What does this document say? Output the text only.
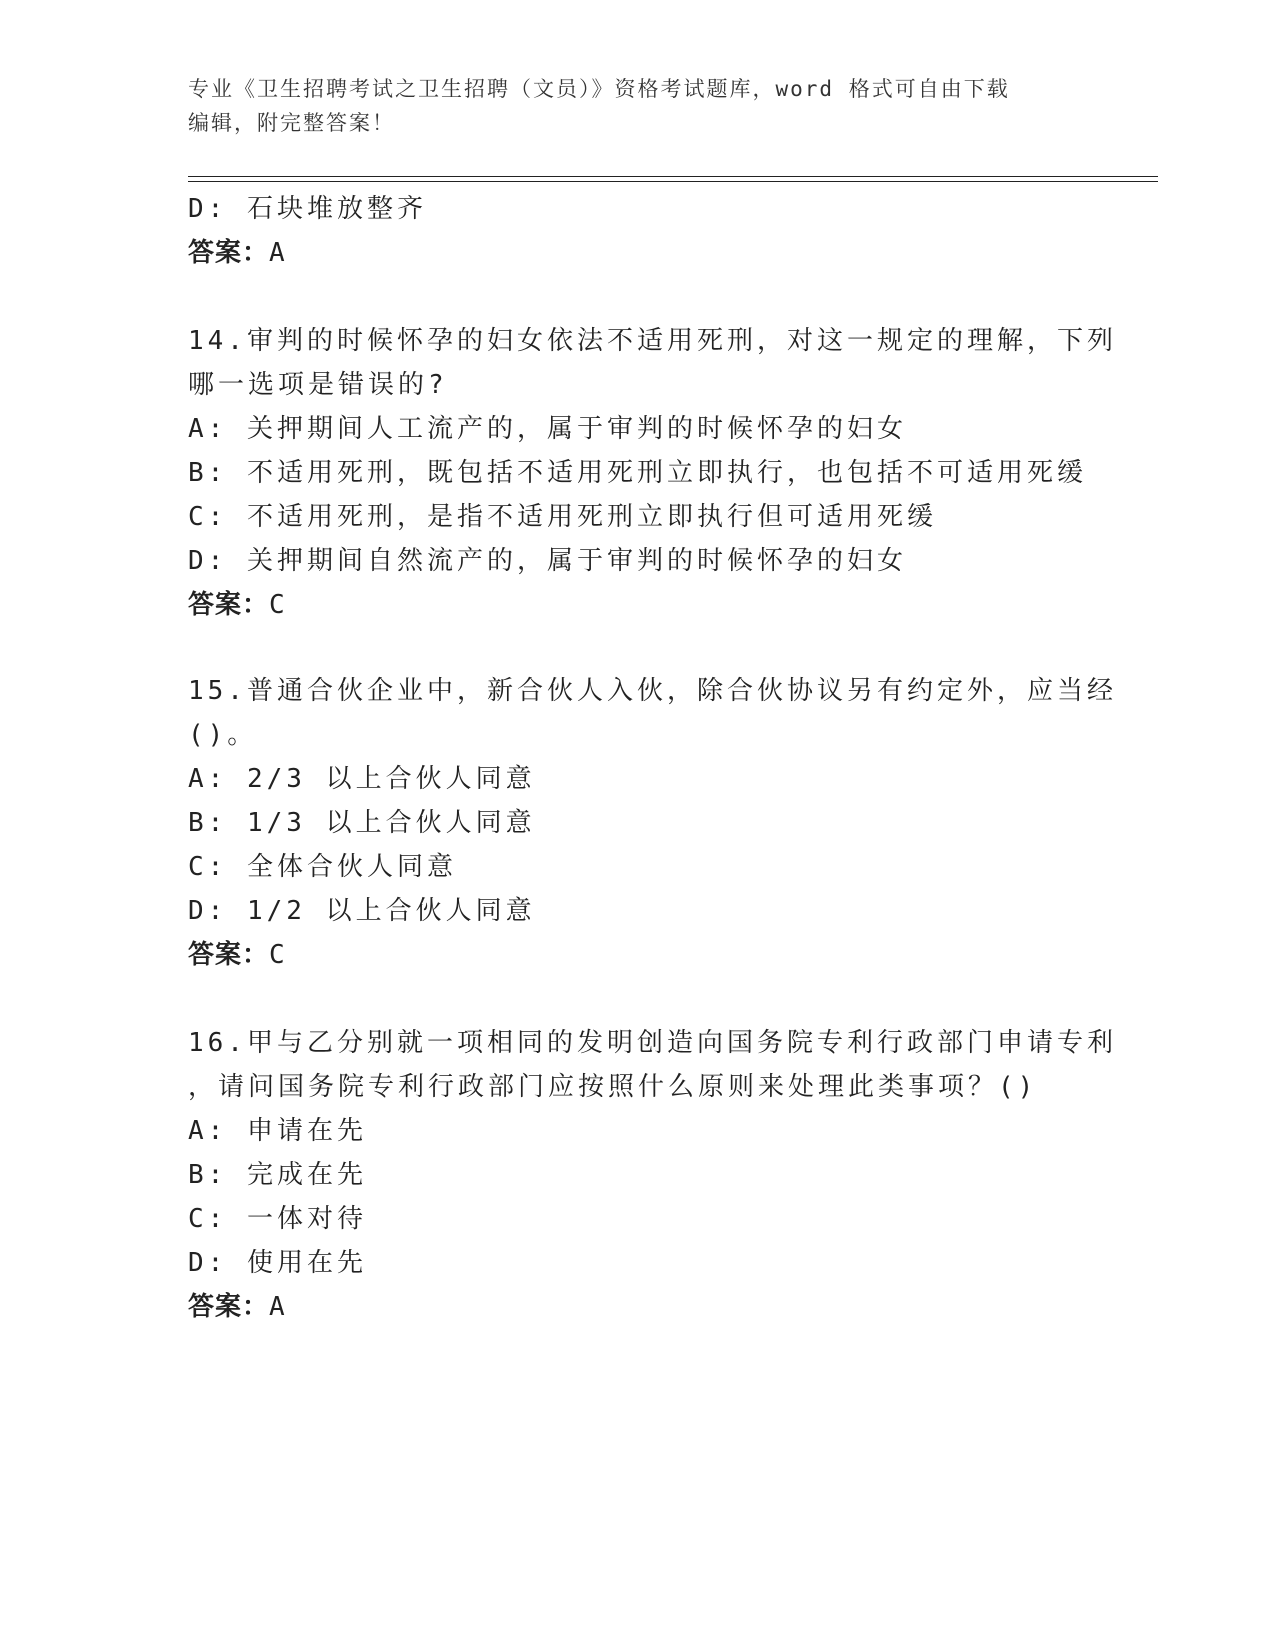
专业《卫生招聘考试之卫生招聘（文员）》资格考试题库，word 格式可自由下载
编辑，附完整答案！
D: 石块堆放整齐
答案：A
14.审判的时候怀孕的妇女依法不适用死刑，对这一规定的理解，下列
哪一选项是错误的?
A: 关押期间人工流产的，属于审判的时候怀孕的妇女
B: 不适用死刑，既包括不适用死刑立即执行，也包括不可适用死缓
C: 不适用死刑，是指不适用死刑立即执行但可适用死缓
D: 关押期间自然流产的，属于审判的时候怀孕的妇女
答案：C
15.普通合伙企业中，新合伙人入伙，除合伙协议另有约定外，应当经
()。
A: 2/3 以上合伙人同意
B: 1/3 以上合伙人同意
C: 全体合伙人同意
D: 1/2 以上合伙人同意
答案：C
16.甲与乙分别就一项相同的发明创造向国务院专利行政部门申请专利
，请问国务院专利行政部门应按照什么原则来处理此类事项？()
A: 申请在先
B: 完成在先
C: 一体对待
D: 使用在先
答案：A
